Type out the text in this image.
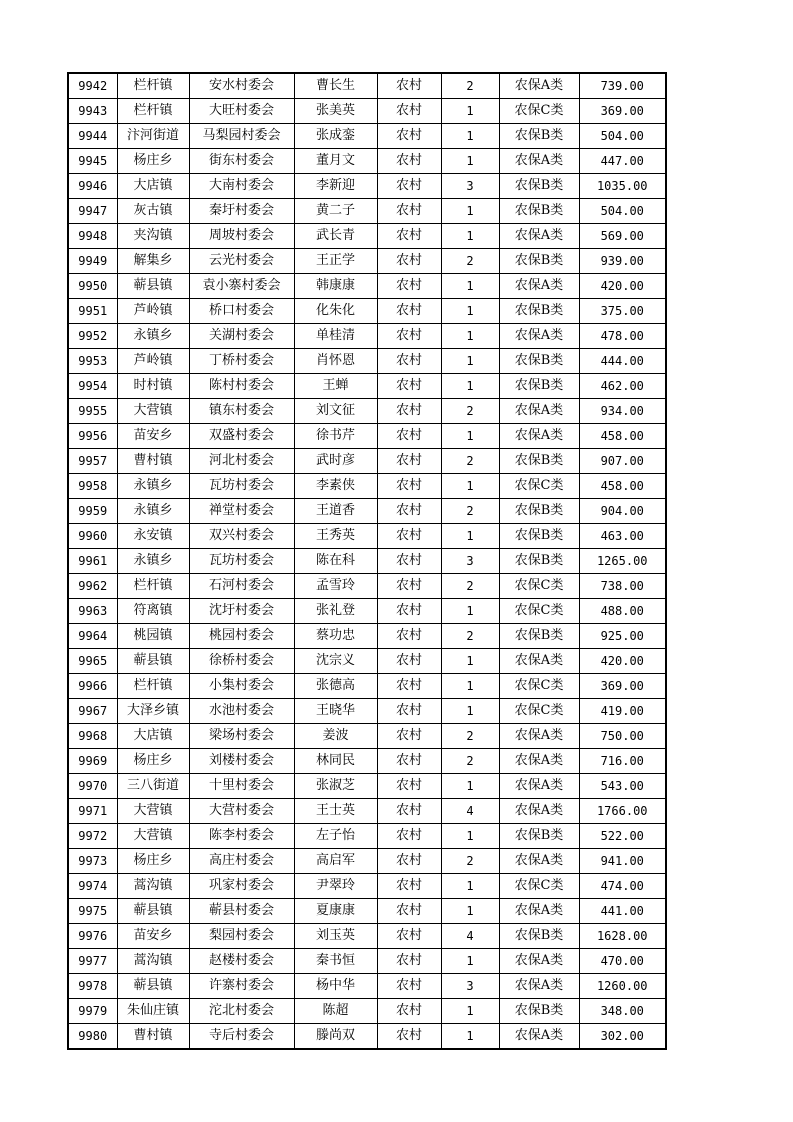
9942	栏杆镇	安水村委会	曹长生	农村	2	农保A类	739.00
9943	栏杆镇	大旺村委会	张美英	农村	1	农保C类	369.00
9944	汴河街道	马梨园村委会	张成銮	农村	1	农保B类	504.00
9945	杨庄乡	街东村委会	董月文	农村	1	农保A类	447.00
9946	大店镇	大南村委会	李新迎	农村	3	农保B类	1035.00
9947	灰古镇	秦圩村委会	黄二子	农村	1	农保B类	504.00
9948	夹沟镇	周坡村委会	武长青	农村	1	农保A类	569.00
9949	解集乡	云光村委会	王正学	农村	2	农保B类	939.00
9950	蕲县镇	袁小寨村委会	韩康康	农村	1	农保A类	420.00
9951	芦岭镇	桥口村委会	化朱化	农村	1	农保B类	375.00
9952	永镇乡	关湖村委会	单桂清	农村	1	农保A类	478.00
9953	芦岭镇	丁桥村委会	肖怀恩	农村	1	农保B类	444.00
9954	时村镇	陈村村委会	王蝉	农村	1	农保B类	462.00
9955	大营镇	镇东村委会	刘文征	农村	2	农保A类	934.00
9956	苗安乡	双盛村委会	徐书芹	农村	1	农保A类	458.00
9957	曹村镇	河北村委会	武时彦	农村	2	农保B类	907.00
9958	永镇乡	瓦坊村委会	李素侠	农村	1	农保C类	458.00
9959	永镇乡	禅堂村委会	王道香	农村	2	农保B类	904.00
9960	永安镇	双兴村委会	王秀英	农村	1	农保B类	463.00
9961	永镇乡	瓦坊村委会	陈在科	农村	3	农保B类	1265.00
9962	栏杆镇	石河村委会	孟雪玲	农村	2	农保C类	738.00
9963	符离镇	沈圩村委会	张礼登	农村	1	农保C类	488.00
9964	桃园镇	桃园村委会	蔡功忠	农村	2	农保B类	925.00
9965	蕲县镇	徐桥村委会	沈宗义	农村	1	农保A类	420.00
9966	栏杆镇	小集村委会	张德高	农村	1	农保C类	369.00
9967	大泽乡镇	水池村委会	王晓华	农村	1	农保C类	419.00
9968	大店镇	梁场村委会	姜波	农村	2	农保A类	750.00
9969	杨庄乡	刘楼村委会	林同民	农村	2	农保A类	716.00
9970	三八街道	十里村委会	张淑芝	农村	1	农保A类	543.00
9971	大营镇	大营村委会	王士英	农村	4	农保A类	1766.00
9972	大营镇	陈李村委会	左子怡	农村	1	农保B类	522.00
9973	杨庄乡	高庄村委会	高启军	农村	2	农保A类	941.00
9974	蒿沟镇	巩家村委会	尹翠玲	农村	1	农保C类	474.00
9975	蕲县镇	蕲县村委会	夏康康	农村	1	农保A类	441.00
9976	苗安乡	梨园村委会	刘玉英	农村	4	农保B类	1628.00
9977	蒿沟镇	赵楼村委会	秦书恒	农村	1	农保A类	470.00
9978	蕲县镇	许寨村委会	杨中华	农村	3	农保A类	1260.00
9979	朱仙庄镇	沱北村委会	陈超	农村	1	农保B类	348.00
9980	曹村镇	寺后村委会	滕尚双	农村	1	农保A类	302.00
